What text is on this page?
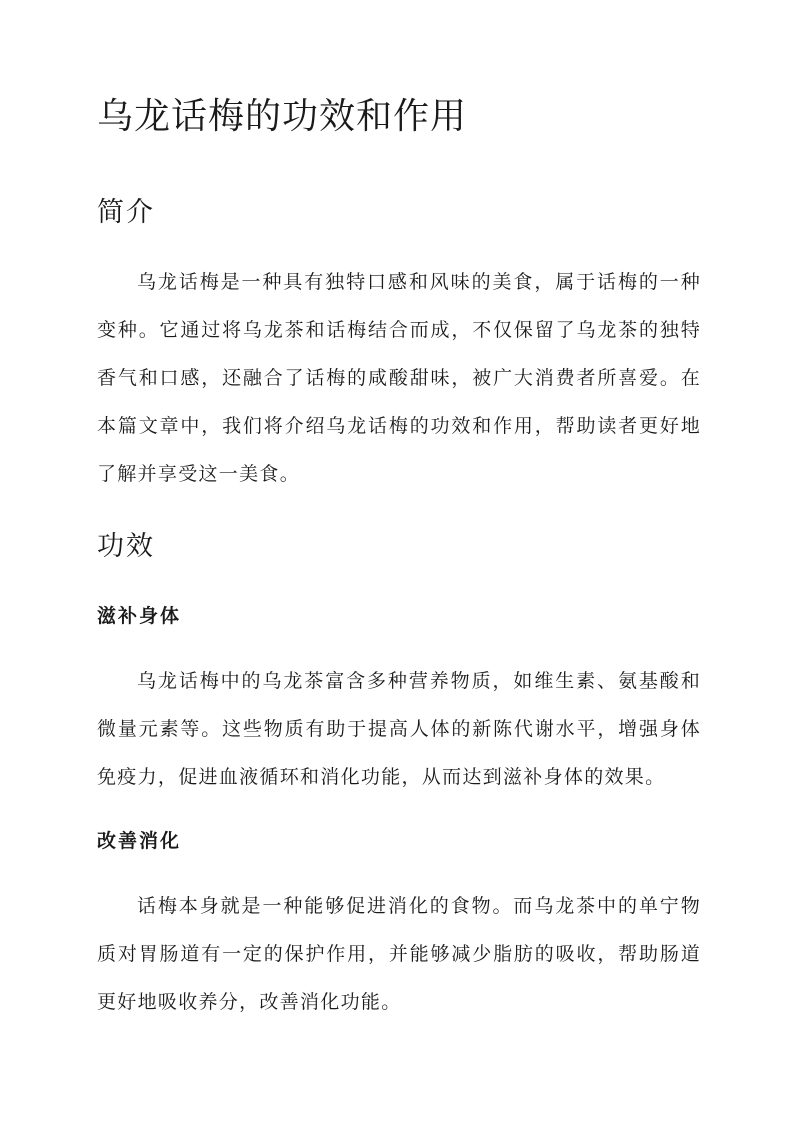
乌龙话梅的功效和作用
简介

乌龙话梅是一种具有独特口感和风味的美食，属于话梅的一种变种。它通过将乌龙茶和话梅结合而成，不仅保留了乌龙茶的独特香气和口感，还融合了话梅的咸酸甜味，被广大消费者所喜爱。在本篇文章中，我们将介绍乌龙话梅的功效和作用，帮助读者更好地了解并享受这一美食。

功效
滋补身体

乌龙话梅中的乌龙茶富含多种营养物质，如维生素、氨基酸和微量元素等。这些物质有助于提高人体的新陈代谢水平，增强身体免疫力，促进血液循环和消化功能，从而达到滋补身体的效果。

改善消化

话梅本身就是一种能够促进消化的食物。而乌龙茶中的单宁物质对胃肠道有一定的保护作用，并能够减少脂肪的吸收，帮助肠道更好地吸收养分，改善消化功能。
